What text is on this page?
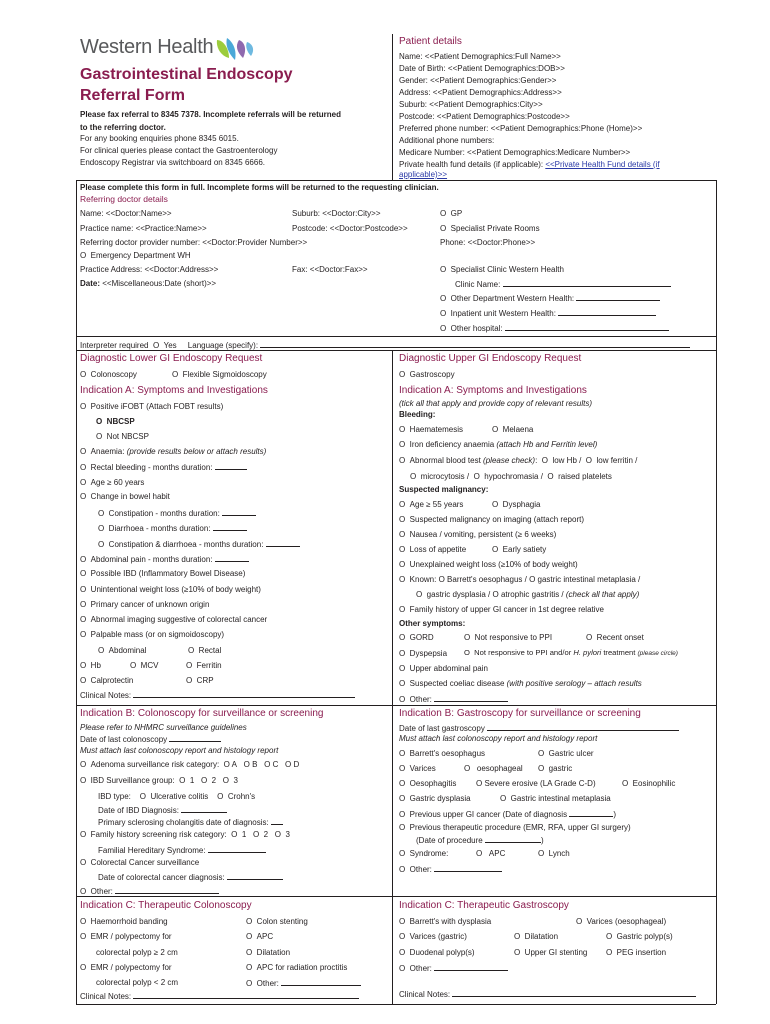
Western Health
Gastrointestinal Endoscopy
Referral Form
Please fax referral to 8345 7378. Incomplete referrals will be returned
to the referring doctor.
For any booking enquiries phone 8345 6015.
For clinical queries please contact the Gastroenterology
Endoscopy Registrar via switchboard on 8345 6666.
Patient details
Name: <<Patient Demographics:Full Name>>
Date of Birth: <<Patient Demographics:DOB>>
Gender: <<Patient Demographics:Gender>>
Address: <<Patient Demographics:Address>>
Suburb: <<Patient Demographics:City>>
Postcode: <<Patient Demographics:Postcode>>
Preferred phone number: <<Patient Demographics:Phone (Home)>>
Additional phone numbers:
Medicare Number: <<Patient Demographics:Medicare Number>>
Private health fund details (if applicable): <<Private Health Fund details (if
applicable)>>
Please complete this form in full. Incomplete forms will be returned to the requesting clinician.
Referring doctor details
Name: <<Doctor:Name>>	Suburb: <<Doctor:City>>	O  GP
Practice name: <<Practice:Name>>	Postcode: <<Doctor:Postcode>>	O  Specialist Private Rooms
Referring doctor provider number: <<Doctor:Provider Number>>	Phone: <<Doctor:Phone>>
O  Emergency Department WH
Practice Address: <<Doctor:Address>>	Fax: <<Doctor:Fax>>	O  Specialist Clinic Western Health
Date: <<Miscellaneous:Date (short)>>	Clinic Name:
O  Other Department Western Health:
O  Inpatient unit Western Health:
O  Other hospital:
Interpreter required O  Yes Language (specify):
Diagnostic Lower GI Endoscopy Request
O  Colonoscopy	O  Flexible Sigmoidoscopy
Indication A: Symptoms and Investigations
O  Positive iFOBT (Attach FOBT results)
O  NBCSP
O  Not NBCSP
O  Anaemia: (provide results below or attach results)
O  Rectal bleeding - months duration:
O  Age ≥ 60 years
O  Change in bowel habit
O  Constipation - months duration:
O  Diarrhoea - months duration:
O  Constipation & diarrhoea - months duration:
O  Abdominal pain - months duration:
O  Possible IBD (Inflammatory Bowel Disease)
O  Unintentional weight loss (≥10% of body weight)
O  Primary cancer of unknown origin
O  Abnormal imaging suggestive of colorectal cancer
O  Palpable mass (or on sigmoidoscopy)
O  Abdominal	O  Rectal
O  Hb	O  MCV	O  Ferritin
O  Calprotectin	O  CRP
Clinical Notes:
Indication B: Colonoscopy for surveillance or screening
Please refer to NHMRC surveillance guidelines
Date of last colonoscopy
Must attach last colonoscopy report and histology report
O  Adenoma surveillance risk category: O A O B O C O D
O  IBD Surveillance group: O  1 O  2 O  3
IBD type: O  Ulcerative colitis O  Crohn's
Date of IBD Diagnosis:
Primary sclerosing cholangitis date of diagnosis:
O  Family history screening risk category: O  1 O  2 O  3
Familial Hereditary Syndrome:
O  Colorectal Cancer surveillance
Date of colorectal cancer diagnosis:
O  Other:
Indication C: Therapeutic Colonoscopy
O  Haemorrhoid banding	O  Colon stenting
O  EMR / polypectomy for	O  APC
colorectal polyp ≥ 2 cm	O  Dilatation
O  EMR / polypectomy for	O  APC for radiation proctitis
colorectal polyp < 2 cm	O  Other:
Clinical Notes:
Diagnostic Upper GI Endoscopy Request
O  Gastroscopy
Indication A: Symptoms and Investigations
(tick all that apply and provide copy of relevant results)
Bleeding:
O  Haematemesis	O  Melaena
O  Iron deficiency anaemia (attach Hb and Ferritin level)
O  Abnormal blood test (please check): O  low Hb / O  low ferritin /
O  microcytosis / O  hypochromasia / O  raised platelets
Suspected malignancy:
O  Age ≥ 55 years	O  Dysphagia
O  Suspected malignancy on imaging (attach report)
O  Nausea / vomiting, persistent (≥ 6 weeks)
O  Loss of appetite	O  Early satiety
O  Unexplained weight loss (≥10% of body weight)
O  Known: O Barrett's oesophagus / O gastric intestinal metaplasia /
O  gastric dysplasia / O atrophic gastritis / (check all that apply)
O  Family history of upper GI cancer in 1st degree relative
Other symptoms:
O  GORD	O  Not responsive to PPI	O  Recent onset
O  Dyspepsia O  Not responsive to PPI and/or H. pylori treatment (please circle)
O  Upper abdominal pain
O  Suspected coeliac disease (with positive serology – attach results
O  Other:
Indication B: Gastroscopy for surveillance or screening
Date of last gastroscopy
Must attach last colonoscopy report and histology report
O  Barrett's oesophagus	O  Gastric ulcer
O  Varices	O   oesophageal O  gastric
O  Oesophagitis O Severe erosive (LA Grade C-D)	O  Eosinophilic
O  Gastric dysplasia	O  Gastric intestinal metaplasia
O  Previous upper GI cancer (Date of diagnosis	)
O  Previous therapeutic procedure (EMR, RFA, upper GI surgery)
(Date of procedure	)
O  Syndrome:	O   APC	O  Lynch
O  Other:
Indication C: Therapeutic Gastroscopy
O  Barrett's with dysplasia	O  Varices (oesophageal)
O  Varices (gastric)	O  Dilatation	O  Gastric polyp(s)
O  Duodenal polyp(s)	O  Upper GI stenting O  PEG insertion
O  Other:
Clinical Notes:
